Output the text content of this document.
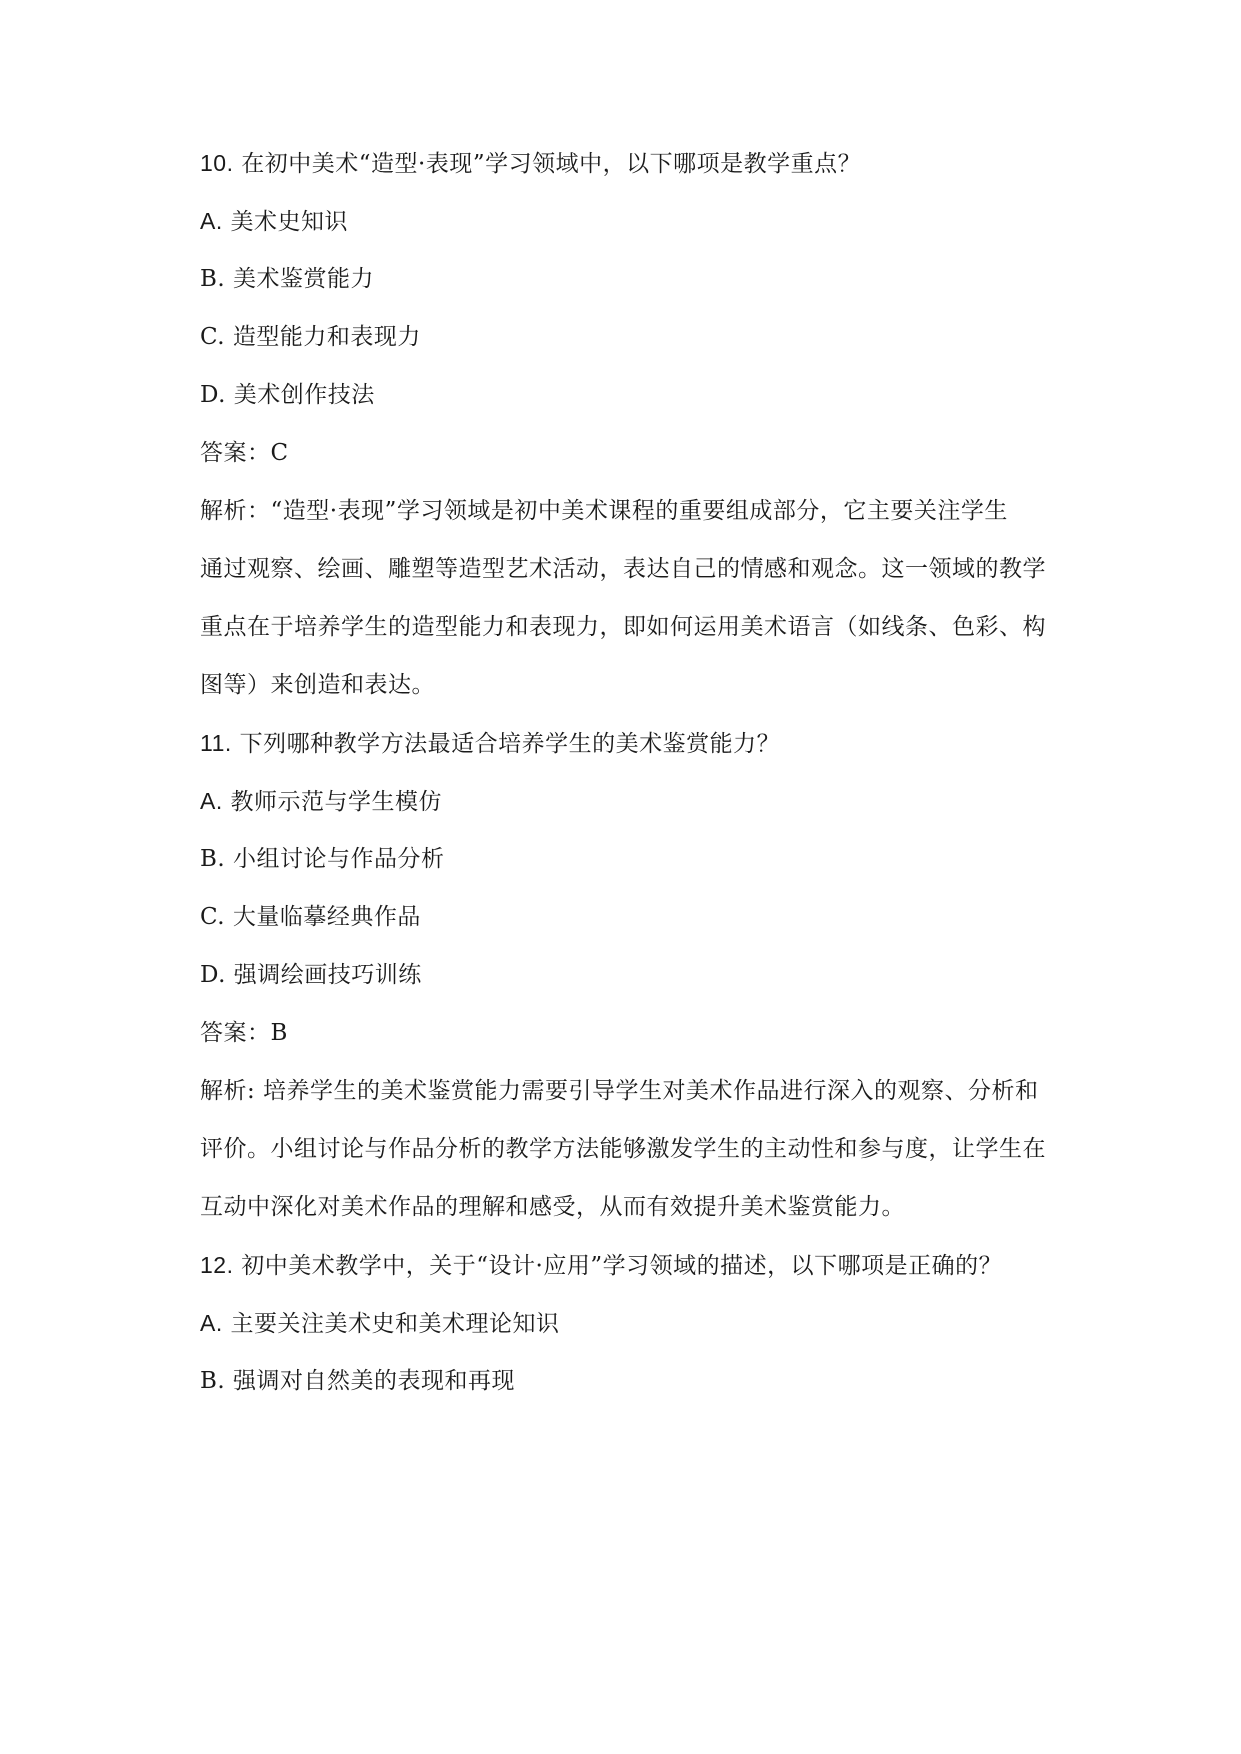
10. 在初中美术“造型·表现”学习领域中，以下哪项是教学重点？
A. 美术史知识
B. 美术鉴赏能力
C. 造型能力和表现力
D. 美术创作技法
答案：C
解析：“造型·表现”学习领域是初中美术课程的重要组成部分，它主要关注学生
通过观察、绘画、雕塑等造型艺术活动，表达自己的情感和观念。这一领域的教学
重点在于培养学生的造型能力和表现力，即如何运用美术语言（如线条、色彩、构
图等）来创造和表达。
11. 下列哪种教学方法最适合培养学生的美术鉴赏能力？
A. 教师示范与学生模仿
B. 小组讨论与作品分析
C. 大量临摹经典作品
D. 强调绘画技巧训练
答案：B
解析: 培养学生的美术鉴赏能力需要引导学生对美术作品进行深入的观察、分析和
评价。小组讨论与作品分析的教学方法能够激发学生的主动性和参与度，让学生在
互动中深化对美术作品的理解和感受，从而有效提升美术鉴赏能力。
12. 初中美术教学中，关于“设计·应用”学习领域的描述，以下哪项是正确的？
A. 主要关注美术史和美术理论知识
B. 强调对自然美的表现和再现
